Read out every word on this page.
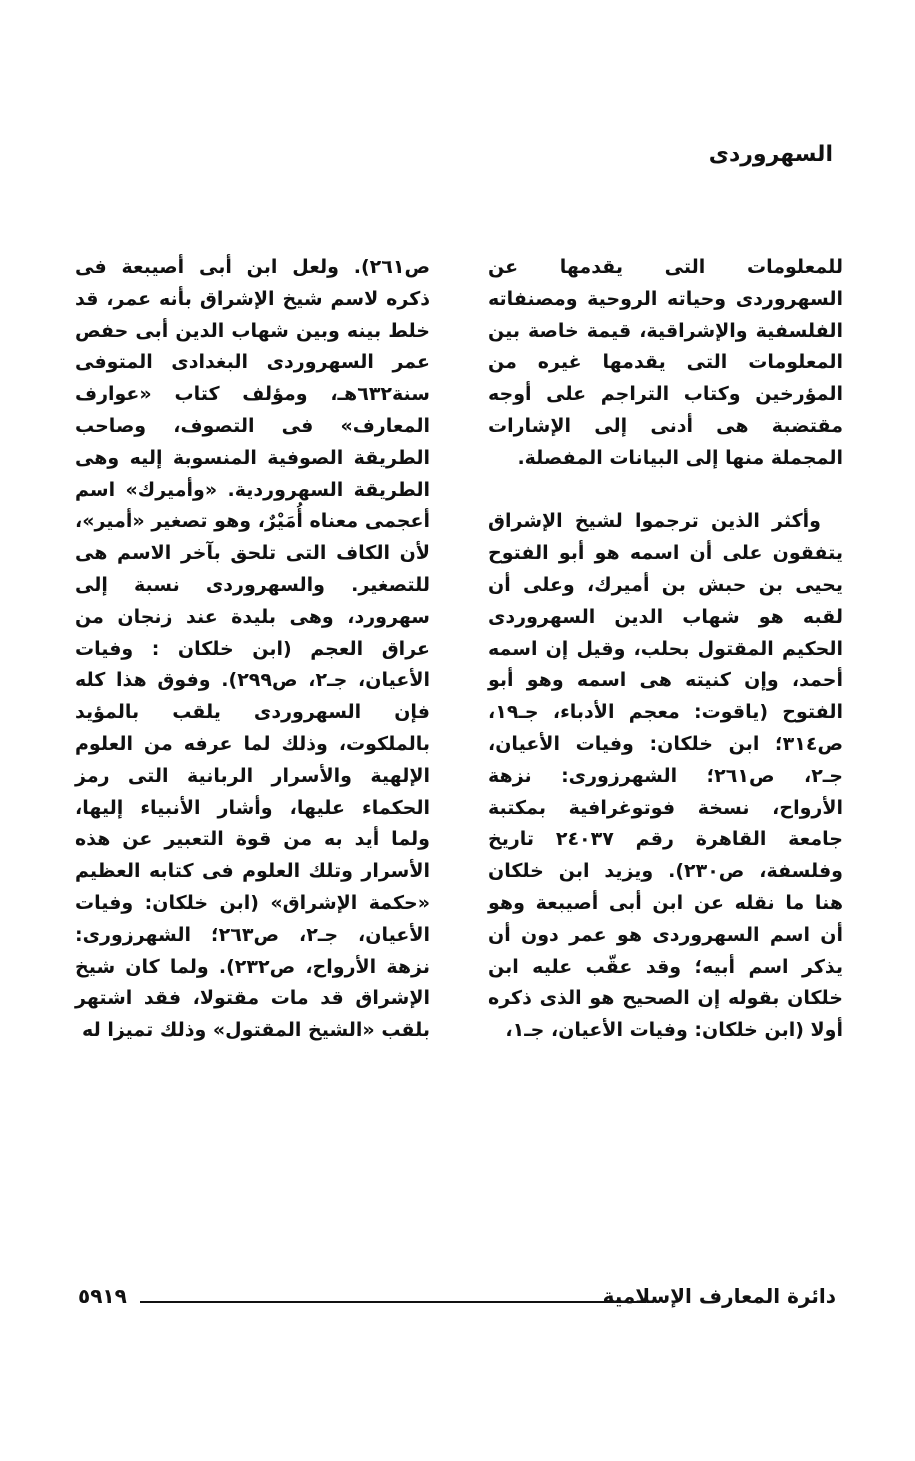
السهروردى

للمعلومات التى يقدمها عن السهروردى وحياته الروحية ومصنفاته الفلسفية والإشراقية، قيمة خاصة بين المعلومات التى يقدمها غيره من المؤرخين وكتاب التراجم على أوجه مقتضبة هى أدنى إلى الإشارات المجملة منها إلى البيانات المفصلة.

وأكثر الذين ترجموا لشيخ الإشراق يتفقون على أن اسمه هو أبو الفتوح يحيى بن حبش بن أميرك، وعلى أن لقبه هو شهاب الدين السهروردى الحكيم المقتول بحلب، وقيل إن اسمه أحمد، وإن كنيته هى اسمه وهو أبو الفتوح (ياقوت: معجم الأدباء، جـ١٩، ص٣١٤؛ ابن خلكان: وفيات الأعيان، جـ٢، ص٢٦١؛ الشهرزورى: نزهة الأرواح، نسخة فوتوغرافية بمكتبة جامعة القاهرة رقم ٢٤٠٣٧ تاريخ وفلسفة، ص٢٣٠). ويزيد ابن خلكان هنا ما نقله عن ابن أبى أصيبعة وهو أن اسم السهروردى هو عمر دون أن يذكر اسم أبيه؛ وقد عقّب عليه ابن خلكان بقوله إن الصحيح هو الذى ذكره أولا (ابن خلكان: وفيات الأعيان، جـ١،

ص٢٦١). ولعل ابن أبى أصيبعة فى ذكره لاسم شيخ الإشراق بأنه عمر، قد خلط بينه وبين شهاب الدين أبى حفص عمر السهروردى البغدادى المتوفى سنة٦٣٢هـ، ومؤلف كتاب «عوارف المعارف» فى التصوف، وصاحب الطريقة الصوفية المنسوبة إليه وهى الطريقة السهروردية. «وأميرك» اسم أعجمى معناه أُمَيْرٌ، وهو تصغير «أمير»، لأن الكاف التى تلحق بآخر الاسم هى للتصغير. والسهروردى نسبة إلى سهرورد، وهى بليدة عند زنجان من عراق العجم (ابن خلكان : وفيات الأعيان، جـ٢، ص٢٩٩). وفوق هذا كله فإن السهروردى يلقب بالمؤيد بالملكوت، وذلك لما عرفه من العلوم الإلهية والأسرار الربانية التى رمز الحكماء عليها، وأشار الأنبياء إليها، ولما أيد به من قوة التعبير عن هذه الأسرار وتلك العلوم فى كتابه العظيم «حكمة الإشراق» (ابن خلكان: وفيات الأعيان، جـ٢، ص٢٦٣؛ الشهرزورى: نزهة الأرواح، ص٢٣٢). ولما كان شيخ الإشراق قد مات مقتولا، فقد اشتهر بلقب «الشيخ المقتول» وذلك تميزا له

دائرة المعارف الإسلامية
٥٩١٩
